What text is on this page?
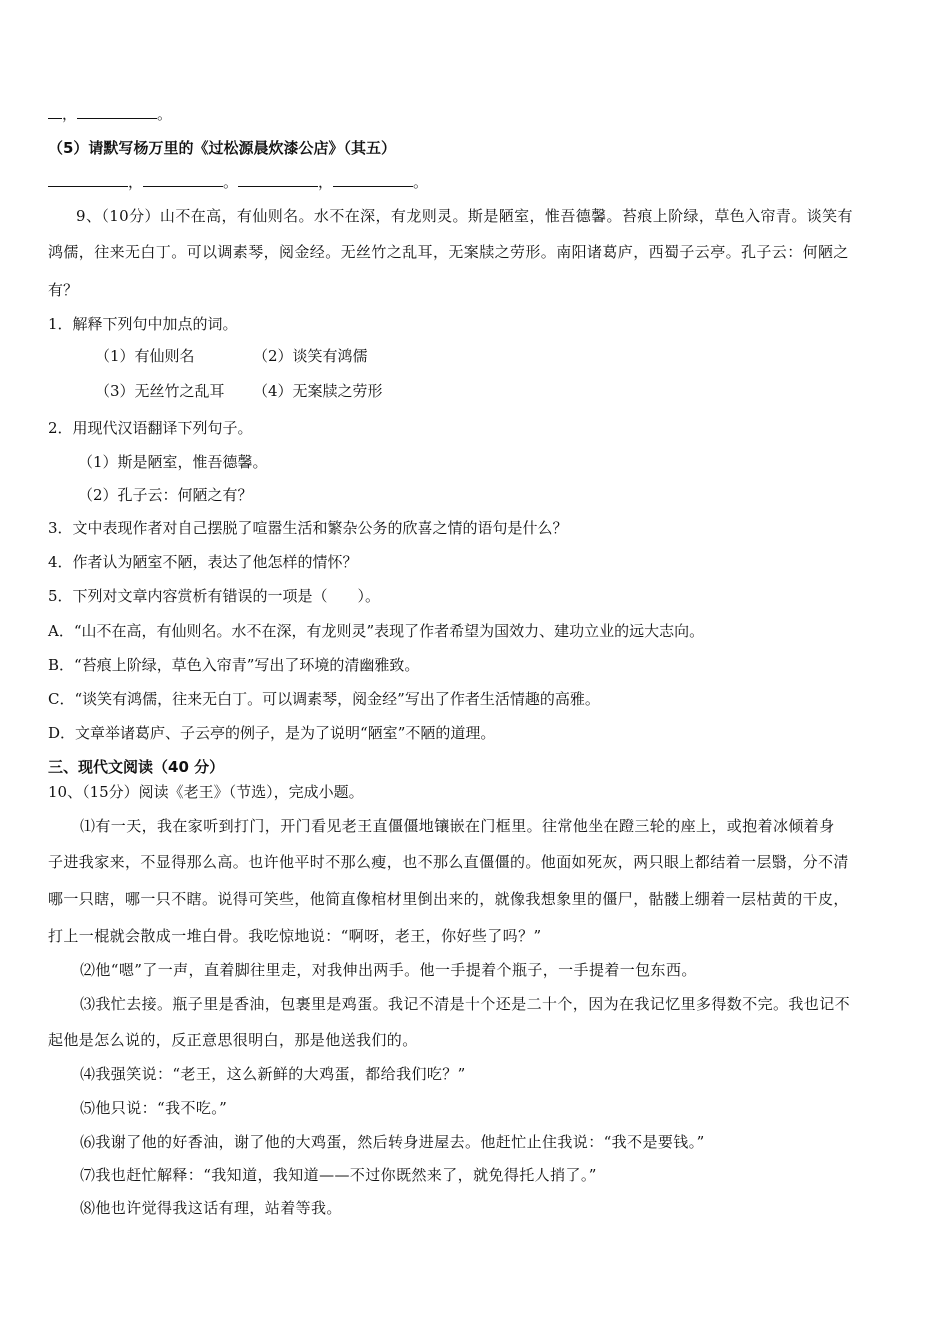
，	。
（5）请默写杨万里的《过松源晨炊漆公店》（其五）
，	。	，	。
9、（10分）山不在高，有仙则名。水不在深，有龙则灵。斯是陋室，惟吾德馨。苔痕上阶绿，草色入帘青。谈笑有
鸿儒，往来无白丁。可以调素琴，阅金经。无丝竹之乱耳，无案牍之劳形。南阳诸葛庐，西蜀子云亭。孔子云：何陋之
有？
1．解释下列句中加点的词。
（1）有仙则名	（2）谈笑有鸿儒
（3）无丝竹之乱耳 （4）无案牍之劳形
2．用现代汉语翻译下列句子。
（1）斯是陋室，惟吾德馨。
（2）孔子云：何陋之有？
3．文中表现作者对自己摆脱了喧嚣生活和繁杂公务的欣喜之情的语句是什么？
4．作者认为陋室不陋，表达了他怎样的情怀？
5．下列对文章内容赏析有错误的一项是（　　）。
A．“山不在高，有仙则名。水不在深，有龙则灵”表现了作者希望为国效力、建功立业的远大志向。
B．“苔痕上阶绿，草色入帘青”写出了环境的清幽雅致。
C．“谈笑有鸿儒，往来无白丁。可以调素琴，阅金经”写出了作者生活情趣的高雅。
D．文章举诸葛庐、子云亭的例子，是为了说明“陋室”不陋的道理。
三、现代文阅读（40 分）
10、（15分）阅读《老王》（节选），完成小题。
⑴有一天，我在家听到打门，开门看见老王直僵僵地镶嵌在门框里。往常他坐在蹬三轮的座上，或抱着冰倾着身
子进我家来，不显得那么高。也许他平时不那么瘦，也不那么直僵僵的。他面如死灰，两只眼上都结着一层翳，分不清
哪一只瞎，哪一只不瞎。说得可笑些，他简直像棺材里倒出来的，就像我想象里的僵尸，骷髅上绷着一层枯黄的干皮，
打上一棍就会散成一堆白骨。我吃惊地说：“啊呀，老王，你好些了吗？”
⑵他“嗯”了一声，直着脚往里走，对我伸出两手。他一手提着个瓶子，一手提着一包东西。
⑶我忙去接。瓶子里是香油，包裹里是鸡蛋。我记不清是十个还是二十个，因为在我记忆里多得数不完。我也记不
起他是怎么说的，反正意思很明白，那是他送我们的。
⑷我强笑说：“老王，这么新鲜的大鸡蛋，都给我们吃？”
⑸他只说：“我不吃。”
⑹我谢了他的好香油，谢了他的大鸡蛋，然后转身进屋去。他赶忙止住我说：“我不是要钱。”
⑺我也赶忙解释：“我知道，我知道——不过你既然来了，就免得托人捎了。”
⑻他也许觉得我这话有理，站着等我。
